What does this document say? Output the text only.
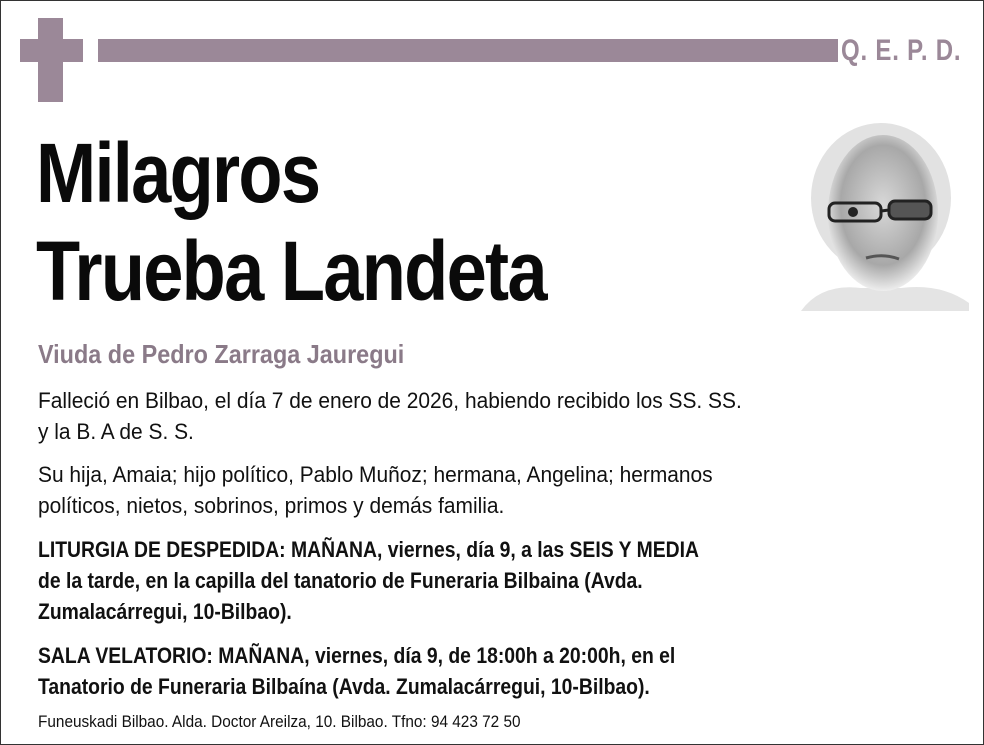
Q. E. P. D.
Milagros
Trueba Landeta
Viuda de Pedro Zarraga Jauregui
Falleció en Bilbao, el día 7 de enero de 2026, habiendo recibido los SS. SS.
y la B. A de S. S.
Su hija, Amaia; hijo político, Pablo Muñoz; hermana, Angelina; hermanos
políticos, nietos, sobrinos, primos y demás familia.
LITURGIA DE DESPEDIDA: MAÑANA, viernes, día 9, a las SEIS Y MEDIA
de la tarde, en la capilla del tanatorio de Funeraria Bilbaina (Avda.
Zumalacárregui, 10-Bilbao).
SALA VELATORIO: MAÑANA, viernes, día 9, de 18:00h a 20:00h, en el
Tanatorio de Funeraria Bilbaína (Avda. Zumalacárregui, 10-Bilbao).
Funeuskadi Bilbao. Alda. Doctor Areilza, 10. Bilbao. Tfno: 94 423 72 50
